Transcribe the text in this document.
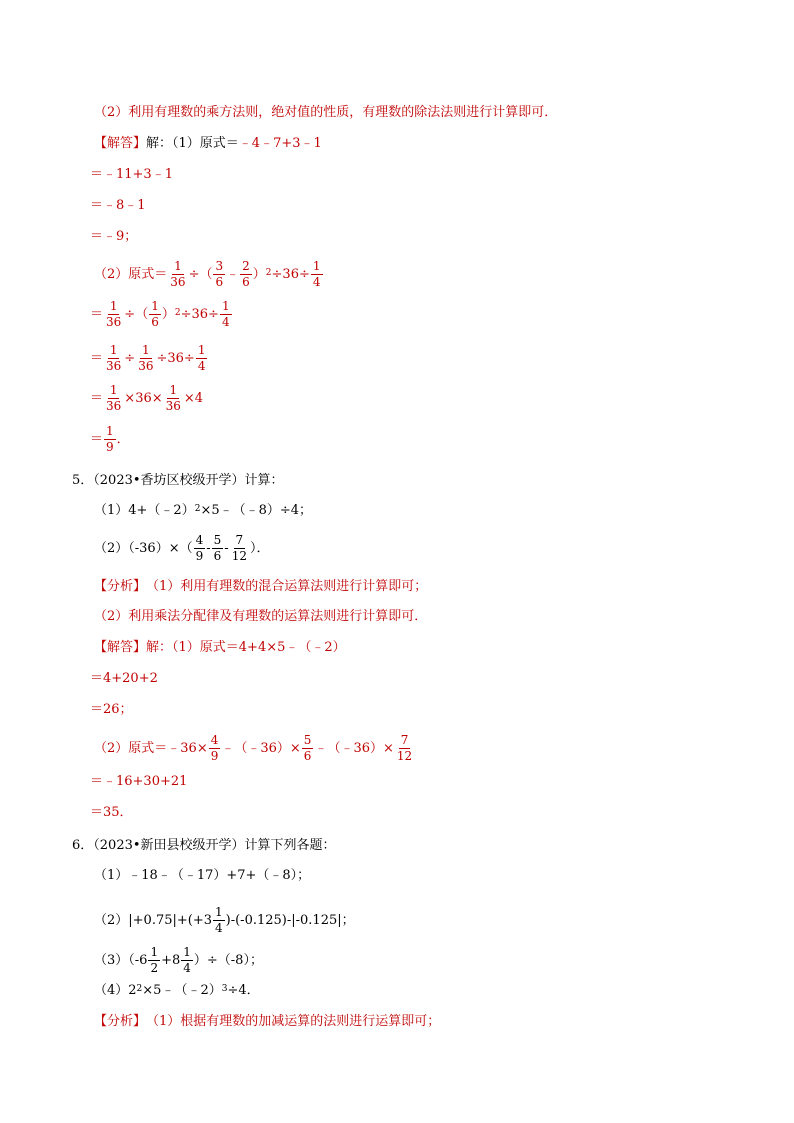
（2）利用有理数的乘方法则，绝对值的性质，有理数的除法法则进行计算即可．
【解答】 解：（1）原式＝ ﹣4﹣7+3﹣1
＝﹣11+3﹣1
＝﹣8﹣1
＝﹣9；
（2）原式＝ $\frac{1}{36}$ ÷ （ $\frac{3}{6}$ ﹣ $\frac{2}{6} )^2 \div 36\div \frac{1}{4}$
＝ $\frac{1}{36}$ ÷ （ $\frac{1}{6} )^2 \div 36\div \frac{1}{4}$
＝ $\frac{1}{36} \div \frac{1}{36} \div 36\div \frac{1}{4}$
＝ $\frac{1}{36} \times 36\times \frac{1}{36} \times 4$
＝ $\frac{1}{9}$ ．
5．（2023•香坊区校级开学）计算：
（1）4+（﹣2）$^2$ ×5﹣（﹣8）÷4；
$(2)(-36)\times( \frac{4}{9} - \frac{5}{6} - \frac{7}{12}$ ）．
【分析】 （1）利用有理数的混合运算法则进行计算即可；
（2）利用乘法分配律及有理数的运算法则进行计算即可．
【解答】 解：（1）原式＝4+4×5﹣（﹣2）
＝4+20+2
＝26；
（2）原式＝﹣36× $\frac{4}{9}$ ﹣（﹣36）× $\frac{5}{6}$ ﹣（﹣36）× $\frac{7}{12}$
＝﹣16+30+21
＝35．
6．（2023•新田县校级开学）计算下列各题：
（1）﹣18﹣（﹣17）+7+（﹣8）；
$(2)|+0.75|+(+3 \frac{1}{4} )-(-0.125)-|-0.125|$；
$(3)(-6 \frac{1}{2} +8 \frac{1}{4} )\div(-8)$；
$(4)2^2$ ×5﹣（﹣2）$^3$ ÷4．
【分析】 （1）根据有理数的加减运算的法则进行运算即可；
